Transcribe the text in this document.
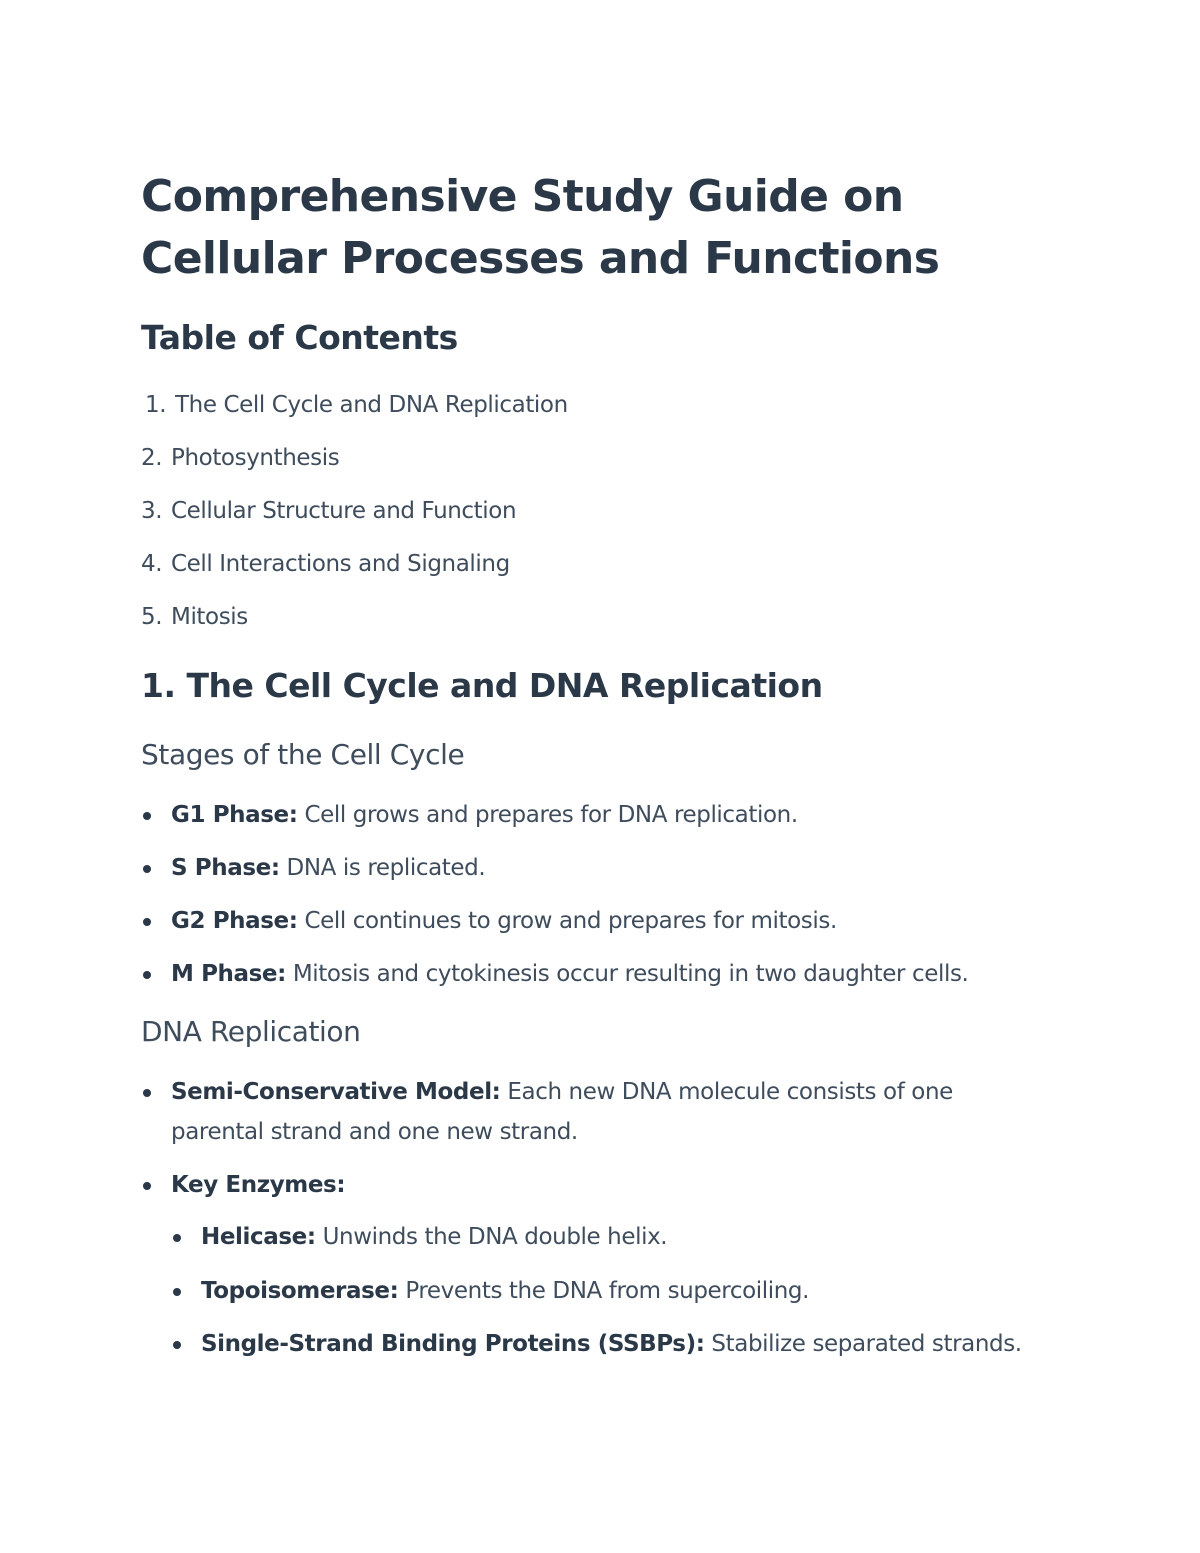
Comprehensive Study Guide on Cellular Processes and Functions
Table of Contents
1. The Cell Cycle and DNA Replication
2. Photosynthesis
3. Cellular Structure and Function
4. Cell Interactions and Signaling
5. Mitosis
1. The Cell Cycle and DNA Replication
Stages of the Cell Cycle
G1 Phase: Cell grows and prepares for DNA replication.
S Phase: DNA is replicated.
G2 Phase: Cell continues to grow and prepares for mitosis.
M Phase: Mitosis and cytokinesis occur resulting in two daughter cells.
DNA Replication
Semi-Conservative Model: Each new DNA molecule consists of one parental strand and one new strand.
Key Enzymes:
Helicase: Unwinds the DNA double helix.
Topoisomerase: Prevents the DNA from supercoiling.
Single-Strand Binding Proteins (SSBPs): Stabilize separated strands.
